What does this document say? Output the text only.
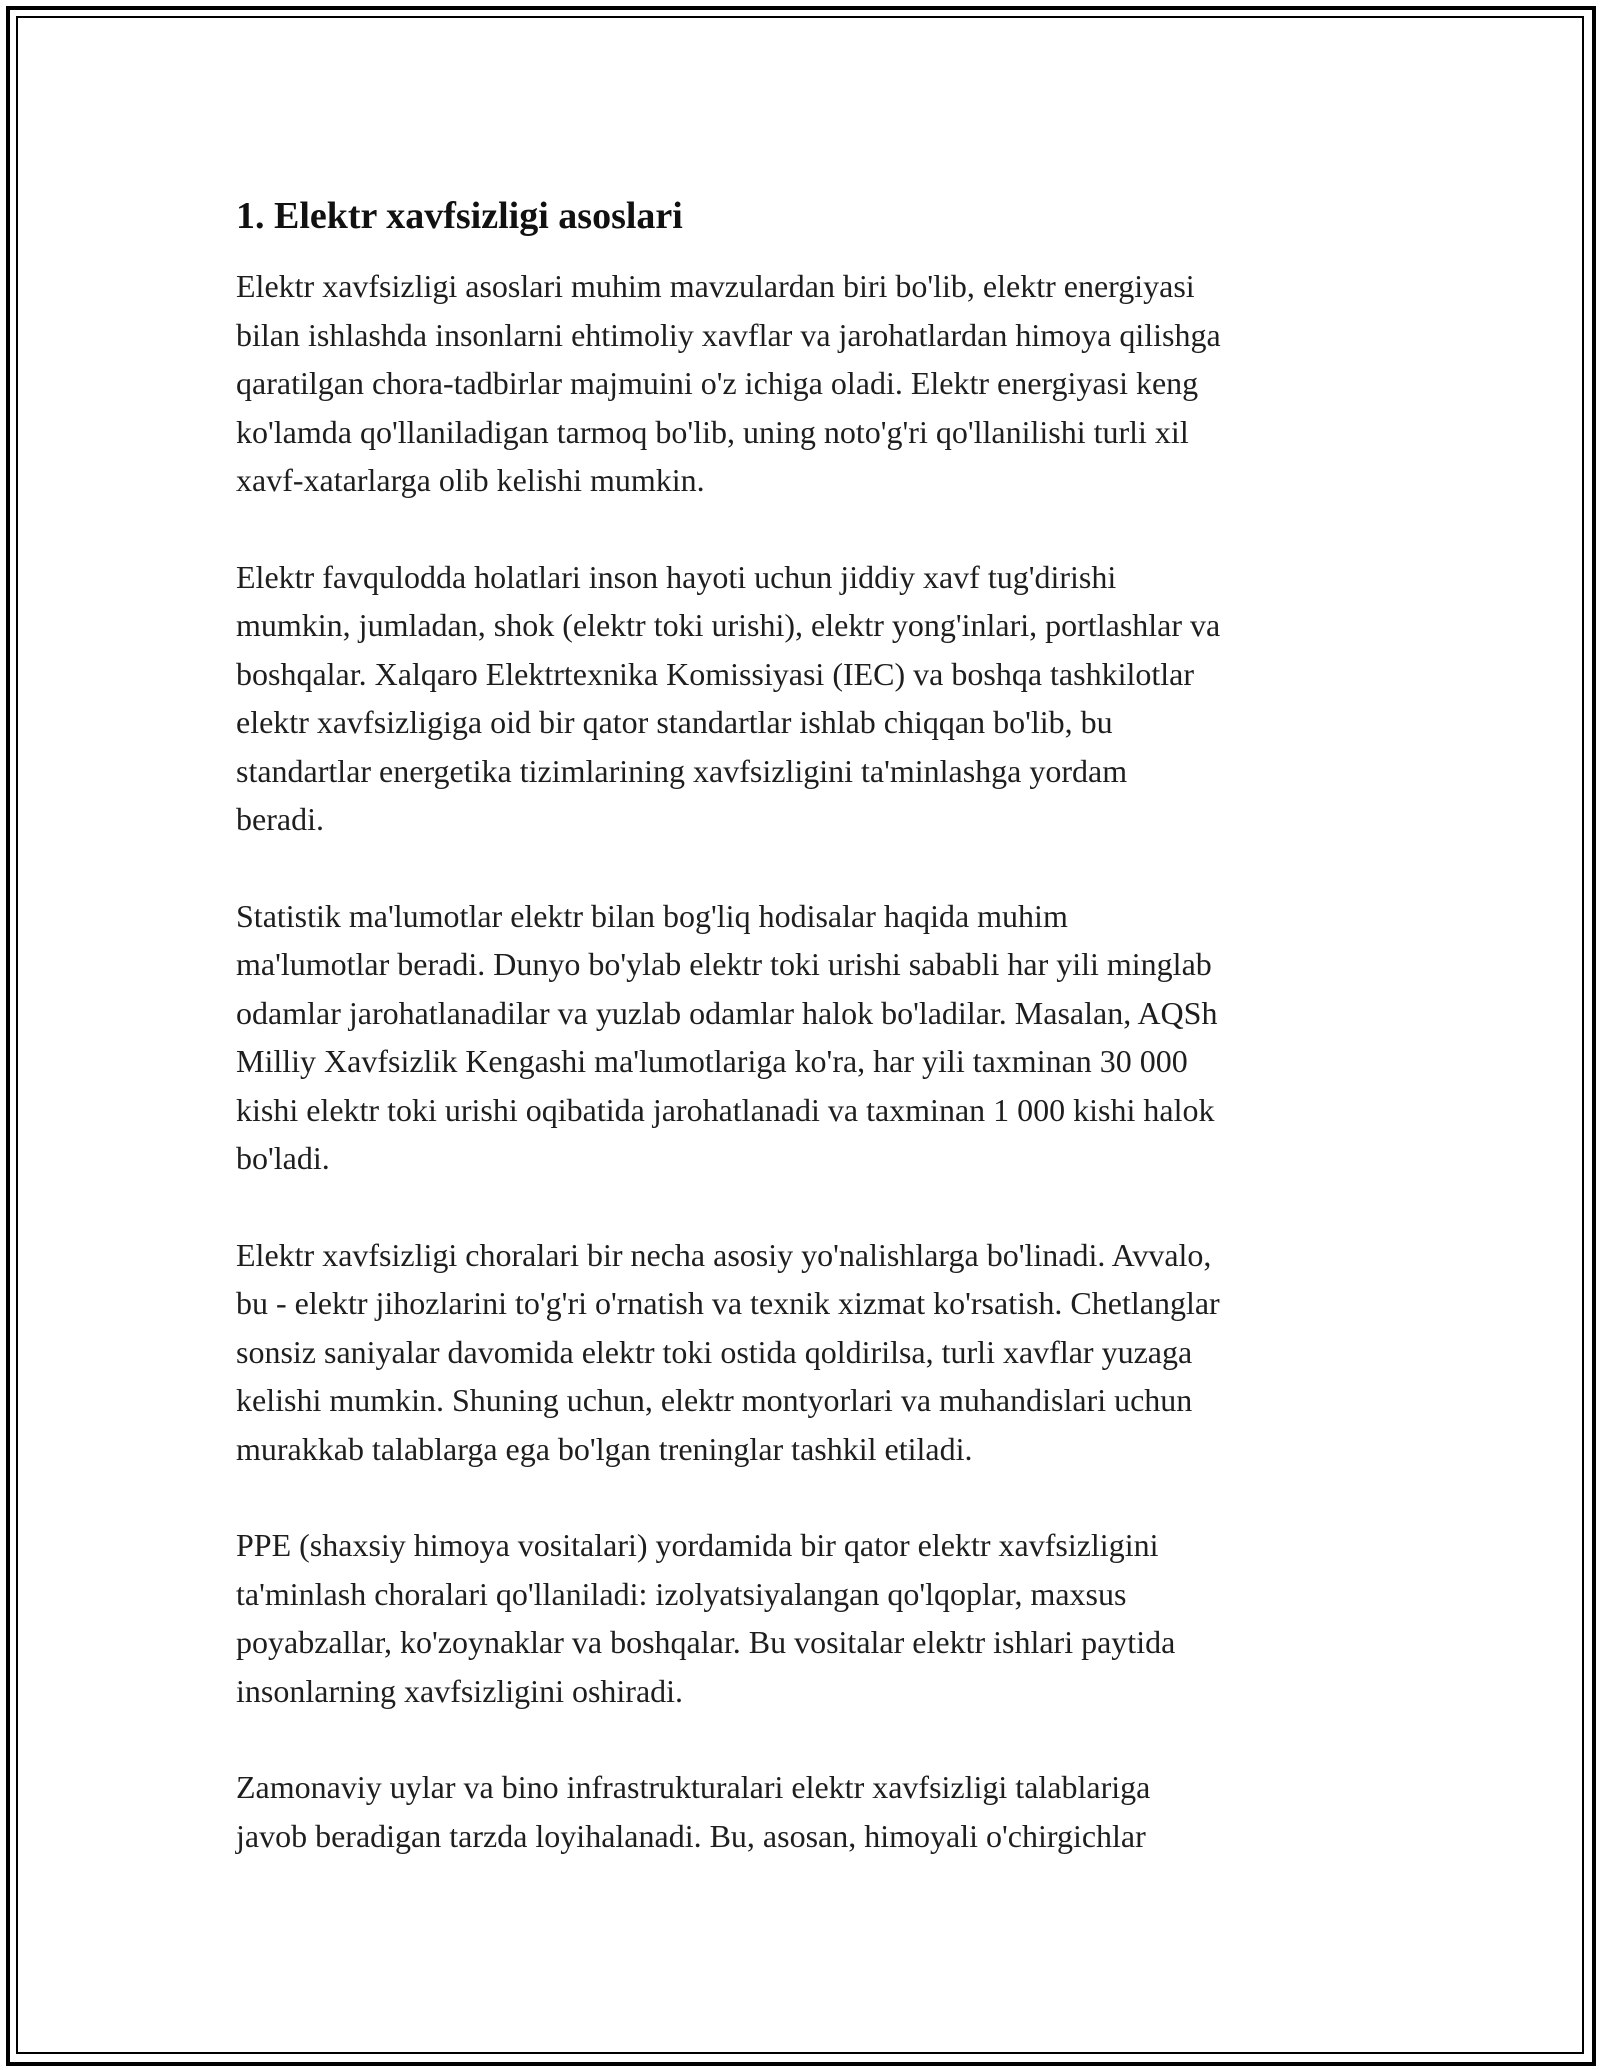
1. Elektr xavfsizligi asoslari

Elektr xavfsizligi asoslari muhim mavzulardan biri bo'lib, elektr energiyasi
bilan ishlashda insonlarni ehtimoliy xavflar va jarohatlardan himoya qilishga
qaratilgan chora-tadbirlar majmuini o'z ichiga oladi. Elektr energiyasi keng
ko'lamda qo'llaniladigan tarmoq bo'lib, uning noto'g'ri qo'llanilishi turli xil
xavf-xatarlarga olib kelishi mumkin.

Elektr favqulodda holatlari inson hayoti uchun jiddiy xavf tug'dirishi
mumkin, jumladan, shok (elektr toki urishi), elektr yong'inlari, portlashlar va
boshqalar. Xalqaro Elektrtexnika Komissiyasi (IEC) va boshqa tashkilotlar
elektr xavfsizligiga oid bir qator standartlar ishlab chiqqan bo'lib, bu
standartlar energetika tizimlarining xavfsizligini ta'minlashga yordam
beradi.

Statistik ma'lumotlar elektr bilan bog'liq hodisalar haqida muhim
ma'lumotlar beradi. Dunyo bo'ylab elektr toki urishi sababli har yili minglab
odamlar jarohatlanadilar va yuzlab odamlar halok bo'ladilar. Masalan, AQSh
Milliy Xavfsizlik Kengashi ma'lumotlariga ko'ra, har yili taxminan 30 000
kishi elektr toki urishi oqibatida jarohatlanadi va taxminan 1 000 kishi halok
bo'ladi.

Elektr xavfsizligi choralari bir necha asosiy yo'nalishlarga bo'linadi. Avvalo,
bu - elektr jihozlarini to'g'ri o'rnatish va texnik xizmat ko'rsatish. Chetlanglar
sonsiz saniyalar davomida elektr toki ostida qoldirilsa, turli xavflar yuzaga
kelishi mumkin. Shuning uchun, elektr montyorlari va muhandislari uchun
murakkab talablarga ega bo'lgan treninglar tashkil etiladi.

PPE (shaxsiy himoya vositalari) yordamida bir qator elektr xavfsizligini
ta'minlash choralari qo'llaniladi: izolyatsiyalangan qo'lqoplar, maxsus
poyabzallar, ko'zoynaklar va boshqalar. Bu vositalar elektr ishlari paytida
insonlarning xavfsizligini oshiradi.

Zamonaviy uylar va bino infrastrukturalari elektr xavfsizligi talablariga
javob beradigan tarzda loyihalanadi. Bu, asosan, himoyali o'chirgichlar
